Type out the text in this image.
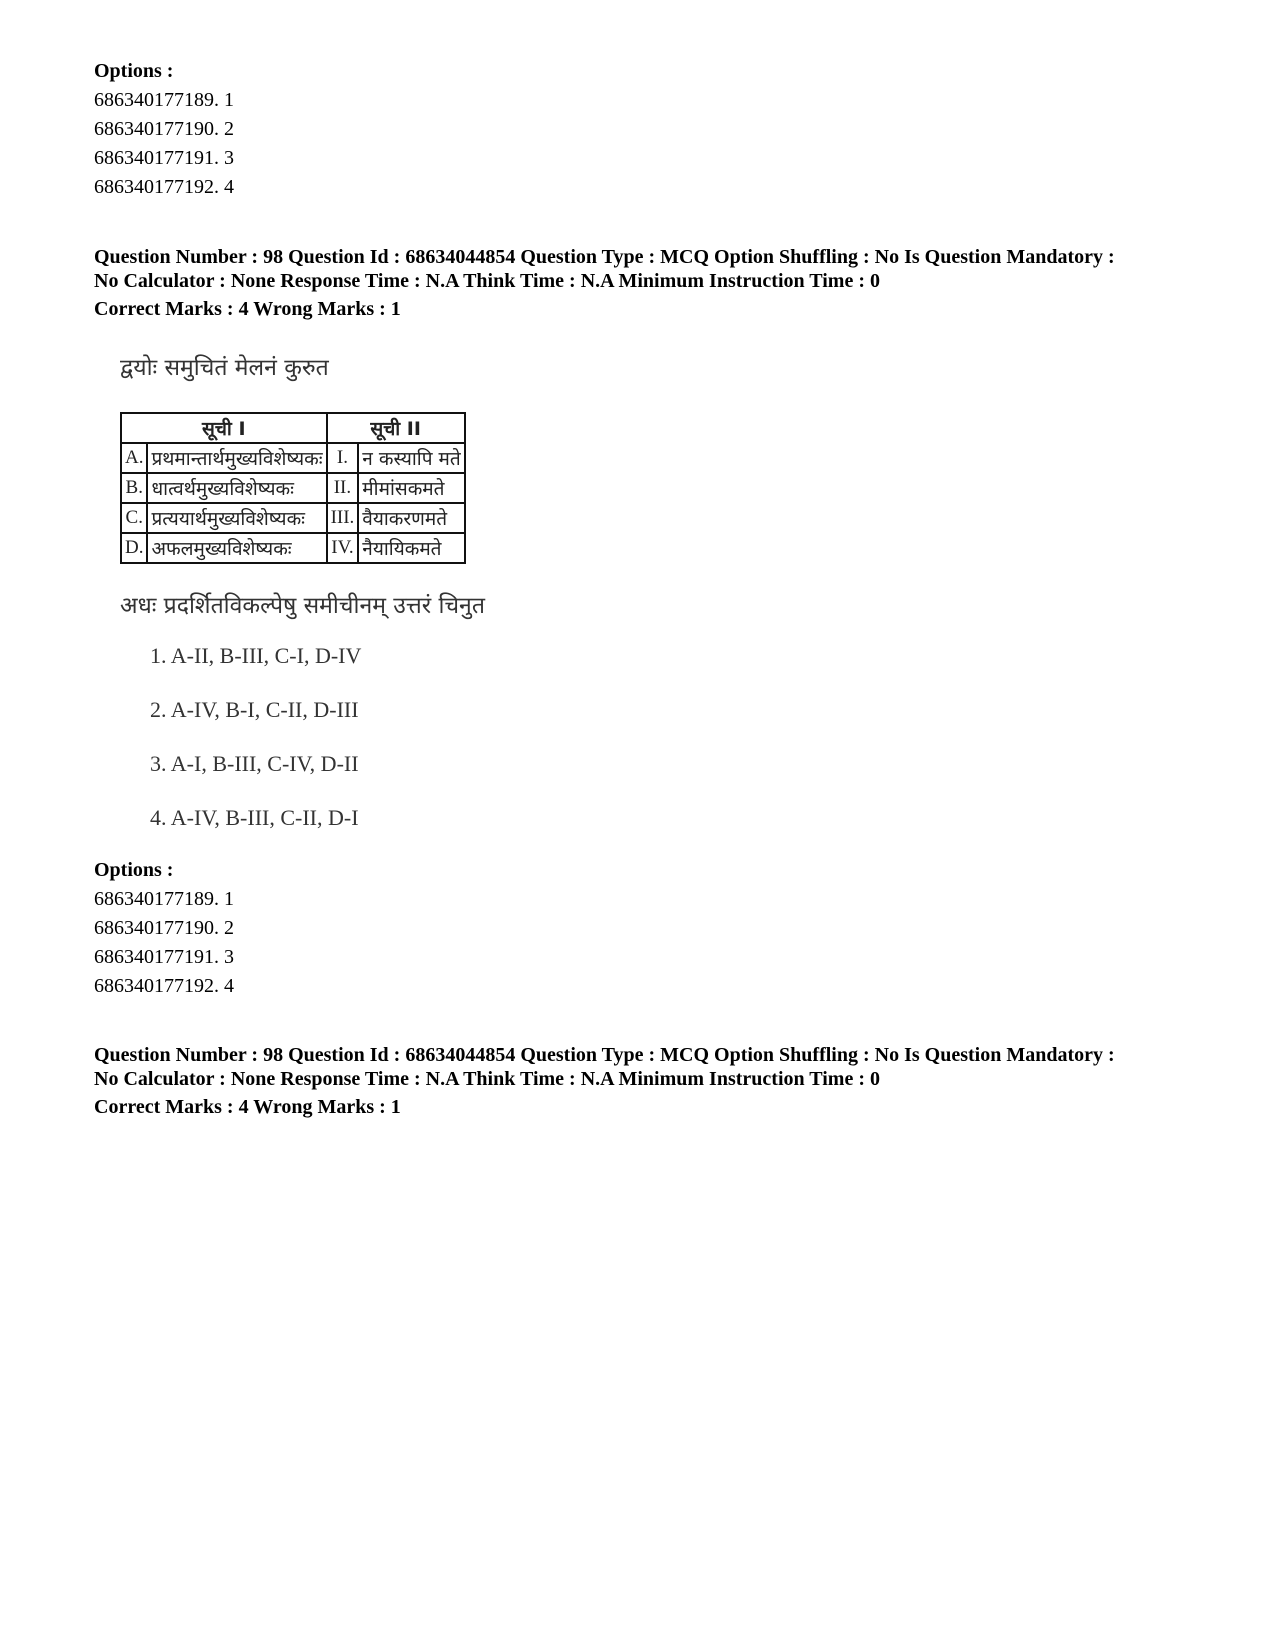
Options :
686340177189. 1
686340177190. 2
686340177191. 3
686340177192. 4
Question Number : 98 Question Id : 68634044854 Question Type : MCQ Option Shuffling : No Is Question Mandatory :
No Calculator : None Response Time : N.A Think Time : N.A Minimum Instruction Time : 0
Correct Marks : 4 Wrong Marks : 1
द्वयोः समुचितं मेलनं कुरुत
सूची I		सूची II	
A.	प्रथमान्तार्थमुख्यविशेष्यकः	I.	न कस्यापि मते
B.	धात्वर्थमुख्यविशेष्यकः	II.	मीमांसकमते
C.	प्रत्ययार्थमुख्यविशेष्यकः	III.	वैयाकरणमते
D.	अफलमुख्यविशेष्यकः	IV.	नैयायिकमते
अधः प्रदर्शितविकल्पेषु समीचीनम् उत्तरं चिनुत
1. A-II, B-III, C-I, D-IV
2. A-IV, B-I, C-II, D-III
3. A-I, B-III, C-IV, D-II
4. A-IV, B-III, C-II, D-I
Options :
686340177189. 1
686340177190. 2
686340177191. 3
686340177192. 4
Question Number : 98 Question Id : 68634044854 Question Type : MCQ Option Shuffling : No Is Question Mandatory :
No Calculator : None Response Time : N.A Think Time : N.A Minimum Instruction Time : 0
Correct Marks : 4 Wrong Marks : 1
